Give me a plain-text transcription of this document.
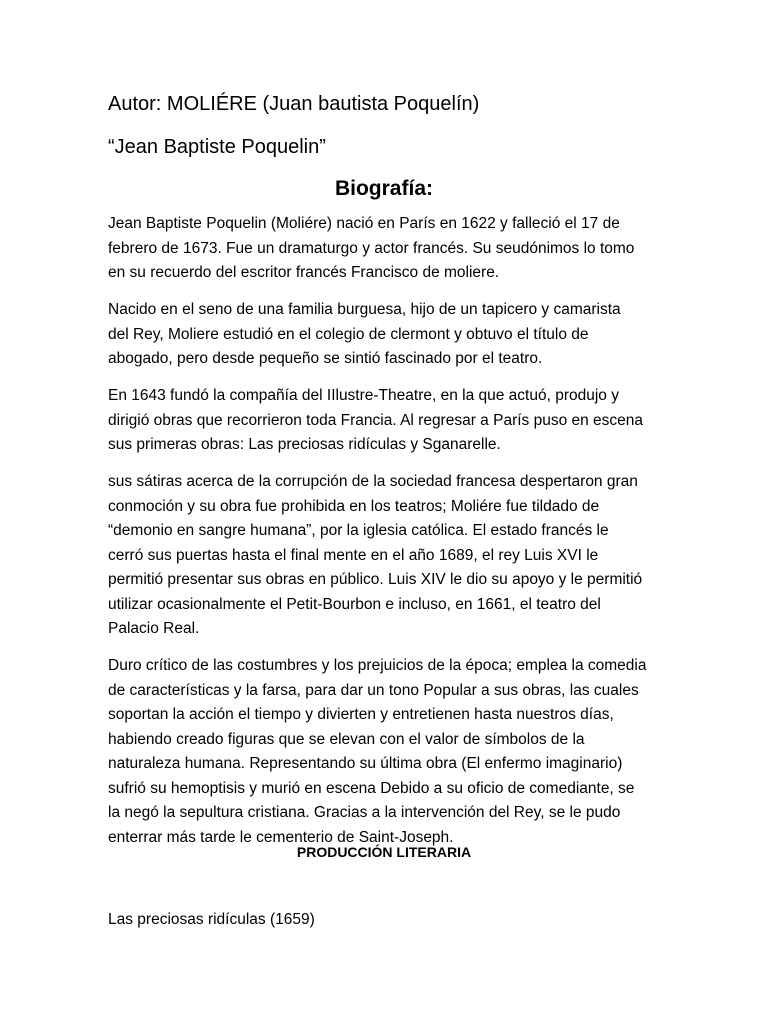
Autor: MOLIÉRE (Juan bautista Poquelín)
“Jean Baptiste Poquelin”
Biografía:

Jean Baptiste Poquelin (Moliére) nació en París en 1622 y falleció el 17 de
febrero de 1673. Fue un dramaturgo y actor francés. Su seudónimos lo tomo
en su recuerdo del escritor francés Francisco de moliere.

Nacido en el seno de una familia burguesa, hijo de un tapicero y camarista
del Rey, Moliere estudió en el colegio de clermont y obtuvo el título de
abogado, pero desde pequeño se sintió fascinado por el teatro.

En 1643 fundó la compañía del IIlustre-Theatre, en la que actuó, produjo y
dirigió obras que recorrieron toda Francia. Al regresar a París puso en escena
sus primeras obras: Las preciosas ridículas y Sganarelle.

sus sátiras acerca de la corrupción de la sociedad francesa despertaron gran
conmoción y su obra fue prohibida en los teatros; Moliére fue tildado de
“demonio en sangre humana”, por la iglesia católica. El estado francés le
cerró sus puertas hasta el final mente en el año 1689, el rey Luis XVI le
permitió presentar sus obras en público. Luis XIV le dio su apoyo y le permitió
utilizar ocasionalmente el Petit-Bourbon e incluso, en 1661, el teatro del
Palacio Real.

Duro crítico de las costumbres y los prejuicios de la época; emplea la comedia
de características y la farsa, para dar un tono Popular a sus obras, las cuales
soportan la acción el tiempo y divierten y entretienen hasta nuestros días,
habiendo creado figuras que se elevan con el valor de símbolos de la
naturaleza humana. Representando su última obra (El enfermo imaginario)
sufrió su hemoptisis y murió en escena Debido a su oficio de comediante, se
la negó la sepultura cristiana. Gracias a la intervención del Rey, se le pudo
enterrar más tarde le cementerio de Saint-Joseph.

PRODUCCIÓN LITERARIA
Las preciosas ridículas (1659)
